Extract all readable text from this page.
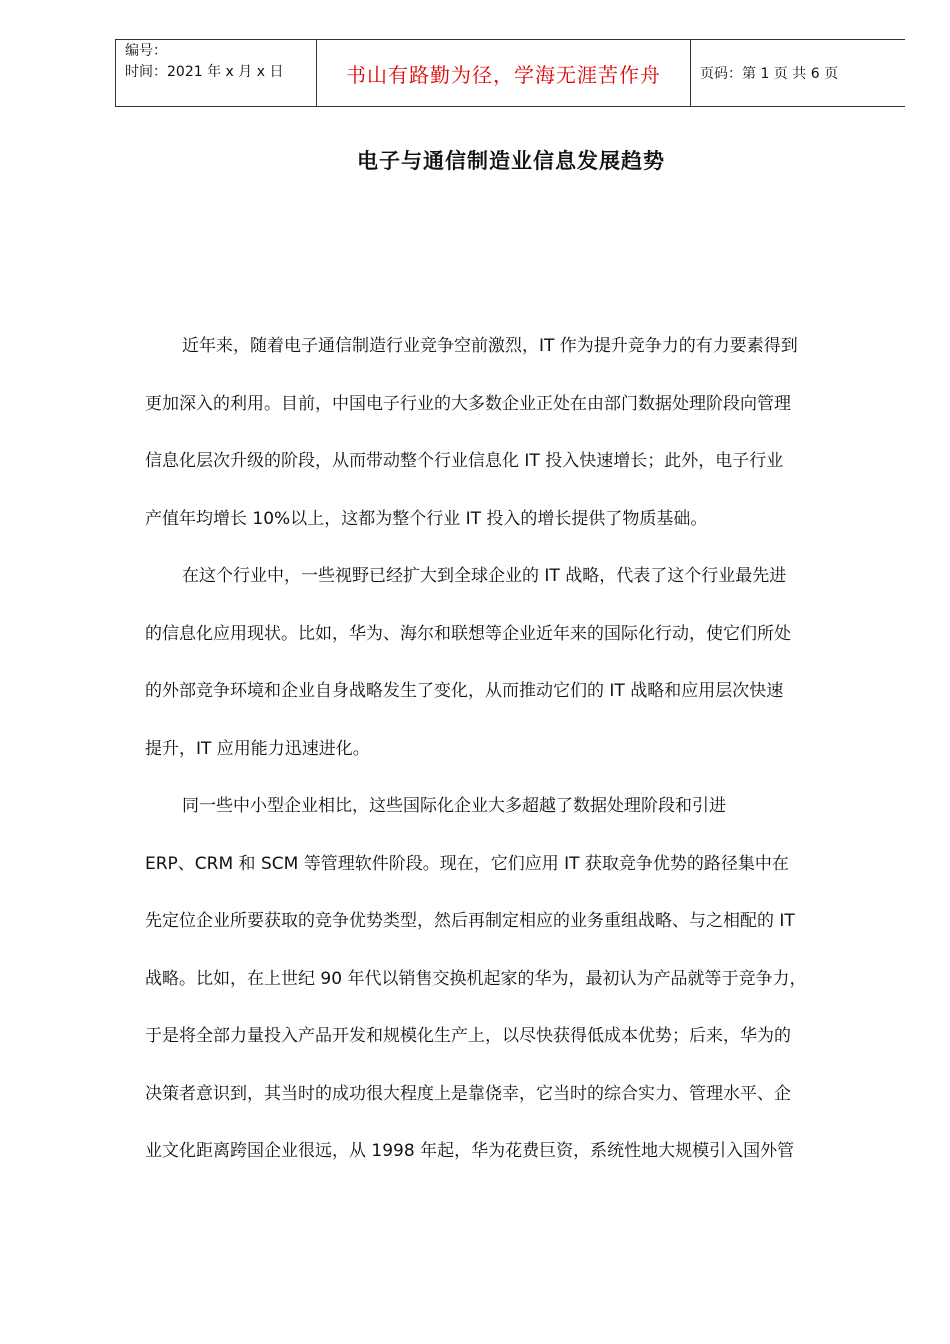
编号：
时间：2021 年 x 月 x 日	书山有路勤为径，学海无涯苦作舟	页码：第 1 页 共 6 页
电子与通信制造业信息发展趋势
近年来，随着电子通信制造行业竞争空前激烈，IT 作为提升竞争力的有力要素得到
更加深入的利用。目前，中国电子行业的大多数企业正处在由部门数据处理阶段向管理
信息化层次升级的阶段，从而带动整个行业信息化 IT 投入快速增长；此外，电子行业
产值年均增长 10%以上，这都为整个行业 IT 投入的增长提供了物质基础。
在这个行业中，一些视野已经扩大到全球企业的 IT 战略，代表了这个行业最先进
的信息化应用现状。比如，华为、海尔和联想等企业近年来的国际化行动，使它们所处
的外部竞争环境和企业自身战略发生了变化，从而推动它们的 IT 战略和应用层次快速
提升，IT 应用能力迅速进化。
同一些中小型企业相比，这些国际化企业大多超越了数据处理阶段和引进
ERP、CRM 和 SCM 等管理软件阶段。现在，它们应用 IT 获取竞争优势的路径集中在
先定位企业所要获取的竞争优势类型，然后再制定相应的业务重组战略、与之相配的 IT
战略。比如，在上世纪 90 年代以销售交换机起家的华为，最初认为产品就等于竞争力，
于是将全部力量投入产品开发和规模化生产上，以尽快获得低成本优势；后来，华为的
决策者意识到，其当时的成功很大程度上是靠侥幸，它当时的综合实力、管理水平、企
业文化距离跨国企业很远，从 1998 年起，华为花费巨资，系统性地大规模引入国外管
